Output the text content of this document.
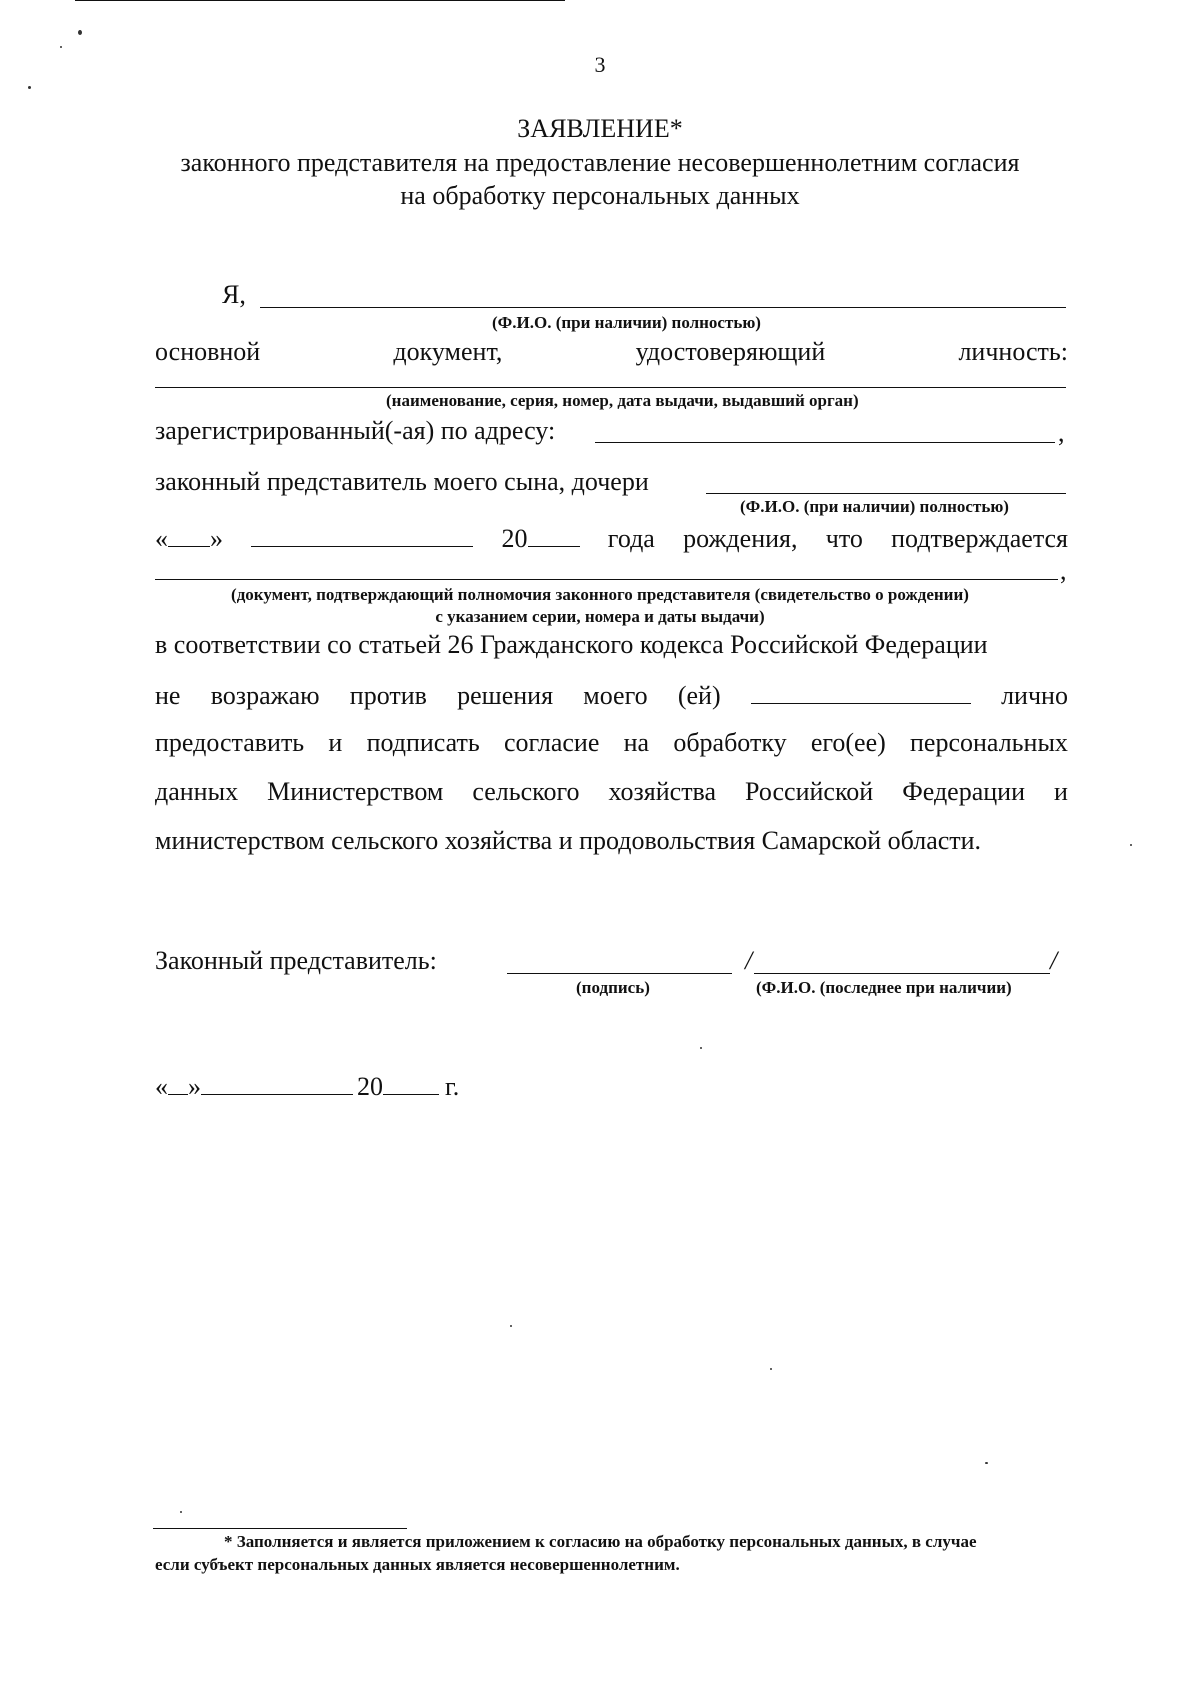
3
ЗАЯВЛЕНИЕ*
законного представителя на предоставление несовершеннолетним согласия
на обработку персональных данных
Я,
(Ф.И.О. (при наличии) полностью)
основной	документ,	удостоверяющий	личность:
(наименование, серия, номер, дата выдачи, выдавший орган)
зарегистрированный(-ая) по адресу:	,
законный представитель моего сына, дочери
(Ф.И.О. (при наличии) полностью)
« »	20	года рождения, что подтверждается
,
(документ, подтверждающий полномочия законного представителя (свидетельство о рождении)
с указанием серии, номера и даты выдачи)
в соответствии со статьей 26 Гражданского кодекса Российской Федерации
не возражаю против решения моего (ей)	лично
предоставить и подписать согласие на обработку его(ее) персональных
данных Министерством сельского хозяйства Российской Федерации и
министерством сельского хозяйства и продовольствия Самарской области.
Законный представитель:	/	/
(подпись)	(Ф.И.О. (последнее при наличии)
« »	20 г.
* Заполняется и является приложением к согласию на обработку персональных данных, в случае
если субъект персональных данных является несовершеннолетним.
